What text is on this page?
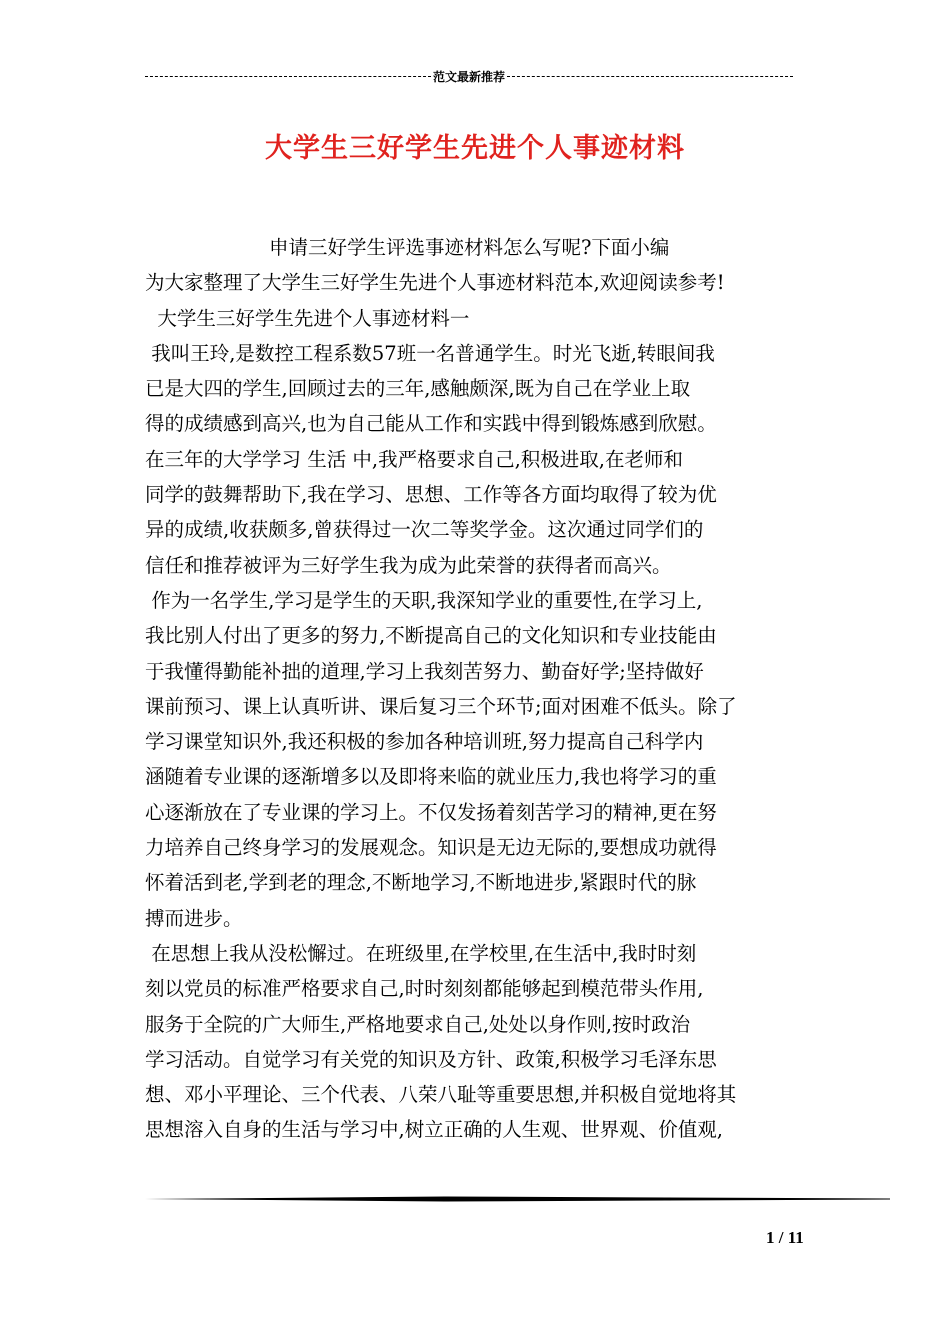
范文最新推荐
大学生三好学生先进个人事迹材料
申请三好学生评选事迹材料怎么写呢?下面小编
为大家整理了大学生三好学生先进个人事迹材料范本,欢迎阅读参考!
大学生三好学生先进个人事迹材料一
我叫王玲,是数控工程系数57班一名普通学生。时光飞逝,转眼间我
已是大四的学生,回顾过去的三年,感触颇深,既为自己在学业上取
得的成绩感到高兴,也为自己能从工作和实践中得到锻炼感到欣慰。
在三年的大学学习 生活 中,我严格要求自己,积极进取,在老师和
同学的鼓舞帮助下,我在学习、思想、工作等各方面均取得了较为优
异的成绩,收获颇多,曾获得过一次二等奖学金。这次通过同学们的
信任和推荐被评为三好学生我为成为此荣誉的获得者而高兴。
作为一名学生,学习是学生的天职,我深知学业的重要性,在学习上,
我比别人付出了更多的努力,不断提高自己的文化知识和专业技能由
于我懂得勤能补拙的道理,学习上我刻苦努力、勤奋好学;坚持做好
课前预习、课上认真听讲、课后复习三个环节;面对困难不低头。除了
学习课堂知识外,我还积极的参加各种培训班,努力提高自己科学内
涵随着专业课的逐渐增多以及即将来临的就业压力,我也将学习的重
心逐渐放在了专业课的学习上。不仅发扬着刻苦学习的精神,更在努
力培养自己终身学习的发展观念。知识是无边无际的,要想成功就得
怀着活到老,学到老的理念,不断地学习,不断地进步,紧跟时代的脉
搏而进步。
在思想上我从没松懈过。在班级里,在学校里,在生活中,我时时刻
刻以党员的标准严格要求自己,时时刻刻都能够起到模范带头作用,
服务于全院的广大师生,严格地要求自己,处处以身作则,按时政治
学习活动。自觉学习有关党的知识及方针、政策,积极学习毛泽东思
想、邓小平理论、三个代表、八荣八耻等重要思想,并积极自觉地将其
思想溶入自身的生活与学习中,树立正确的人生观、世界观、价值观,
1 / 11
